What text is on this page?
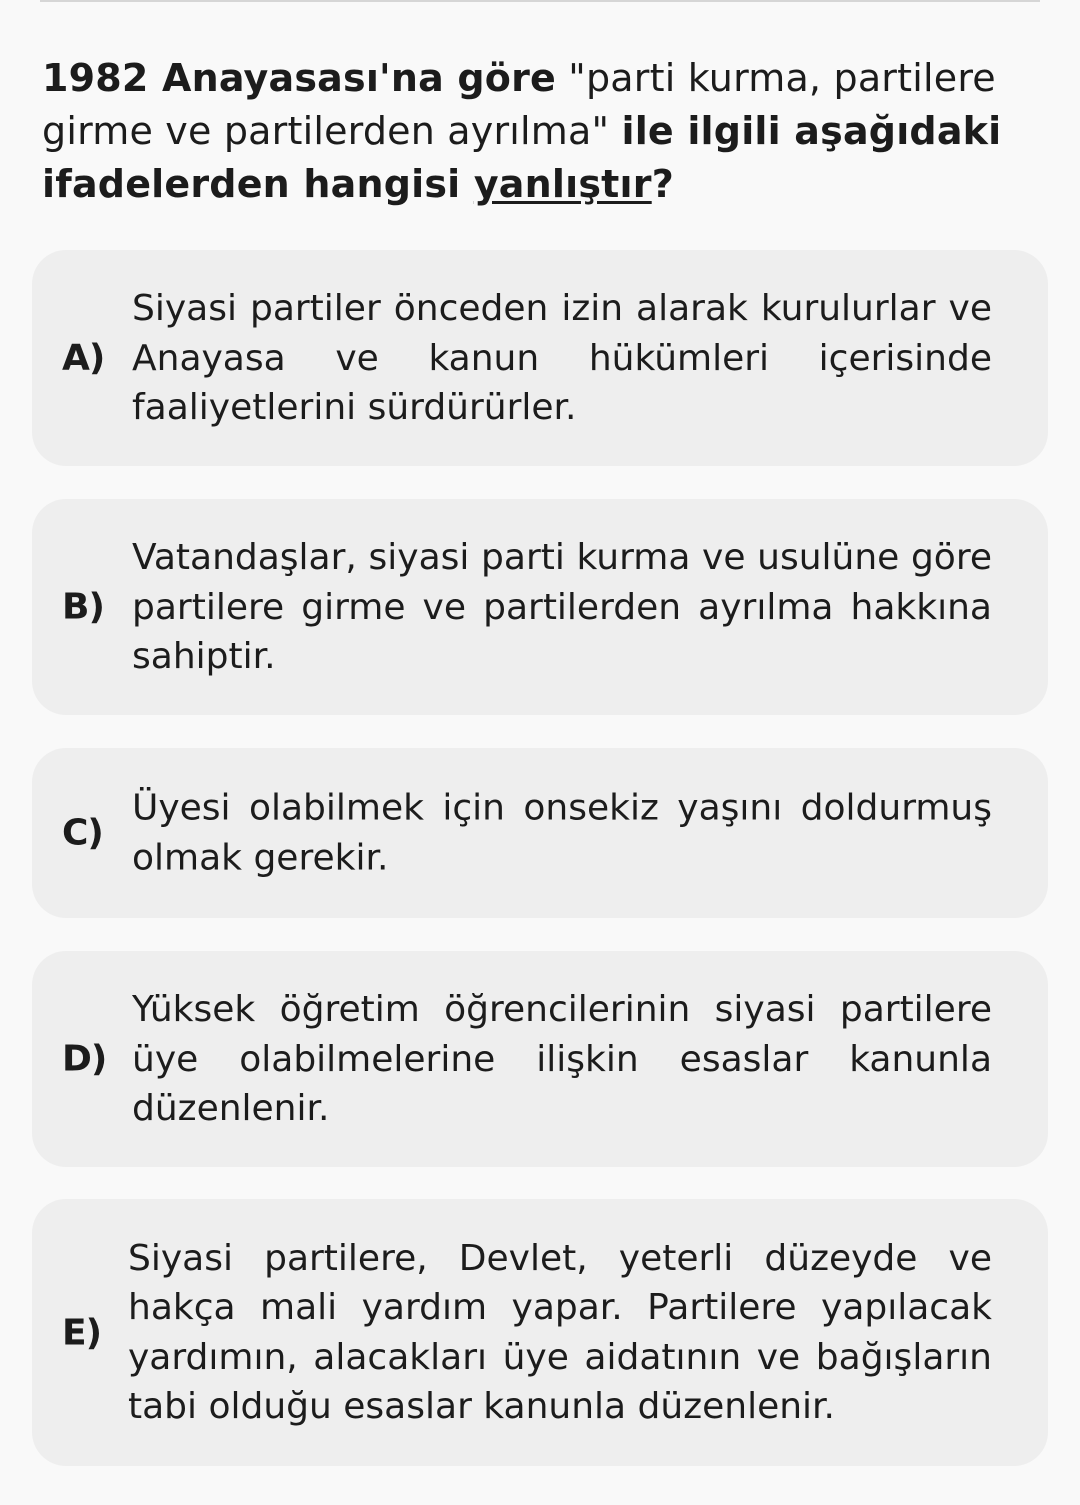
1982 Anayasası'na göre "parti kurma, partilere girme ve partilerden ayrılma" ile ilgili aşağıdaki ifadelerden hangisi yanlıştır?
A)
Siyasi partiler önceden izin alarak kurulurlar ve Anayasa ve kanun hükümleri içerisinde faaliyetlerini sürdürürler.
B)
Vatandaşlar, siyasi parti kurma ve usulüne göre partilere girme ve partilerden ayrılma hakkına sahiptir.
C)
Üyesi olabilmek için onsekiz yaşını doldurmuş olmak gerekir.
D)
Yüksek öğretim öğrencilerinin siyasi partilere üye olabilmelerine ilişkin esaslar kanunla düzenlenir.
E)
Siyasi partilere, Devlet, yeterli düzeyde ve hakça mali yardım yapar. Partilere yapılacak yardımın, alacakları üye aidatının ve bağışların tabi olduğu esaslar kanunla düzenlenir.
